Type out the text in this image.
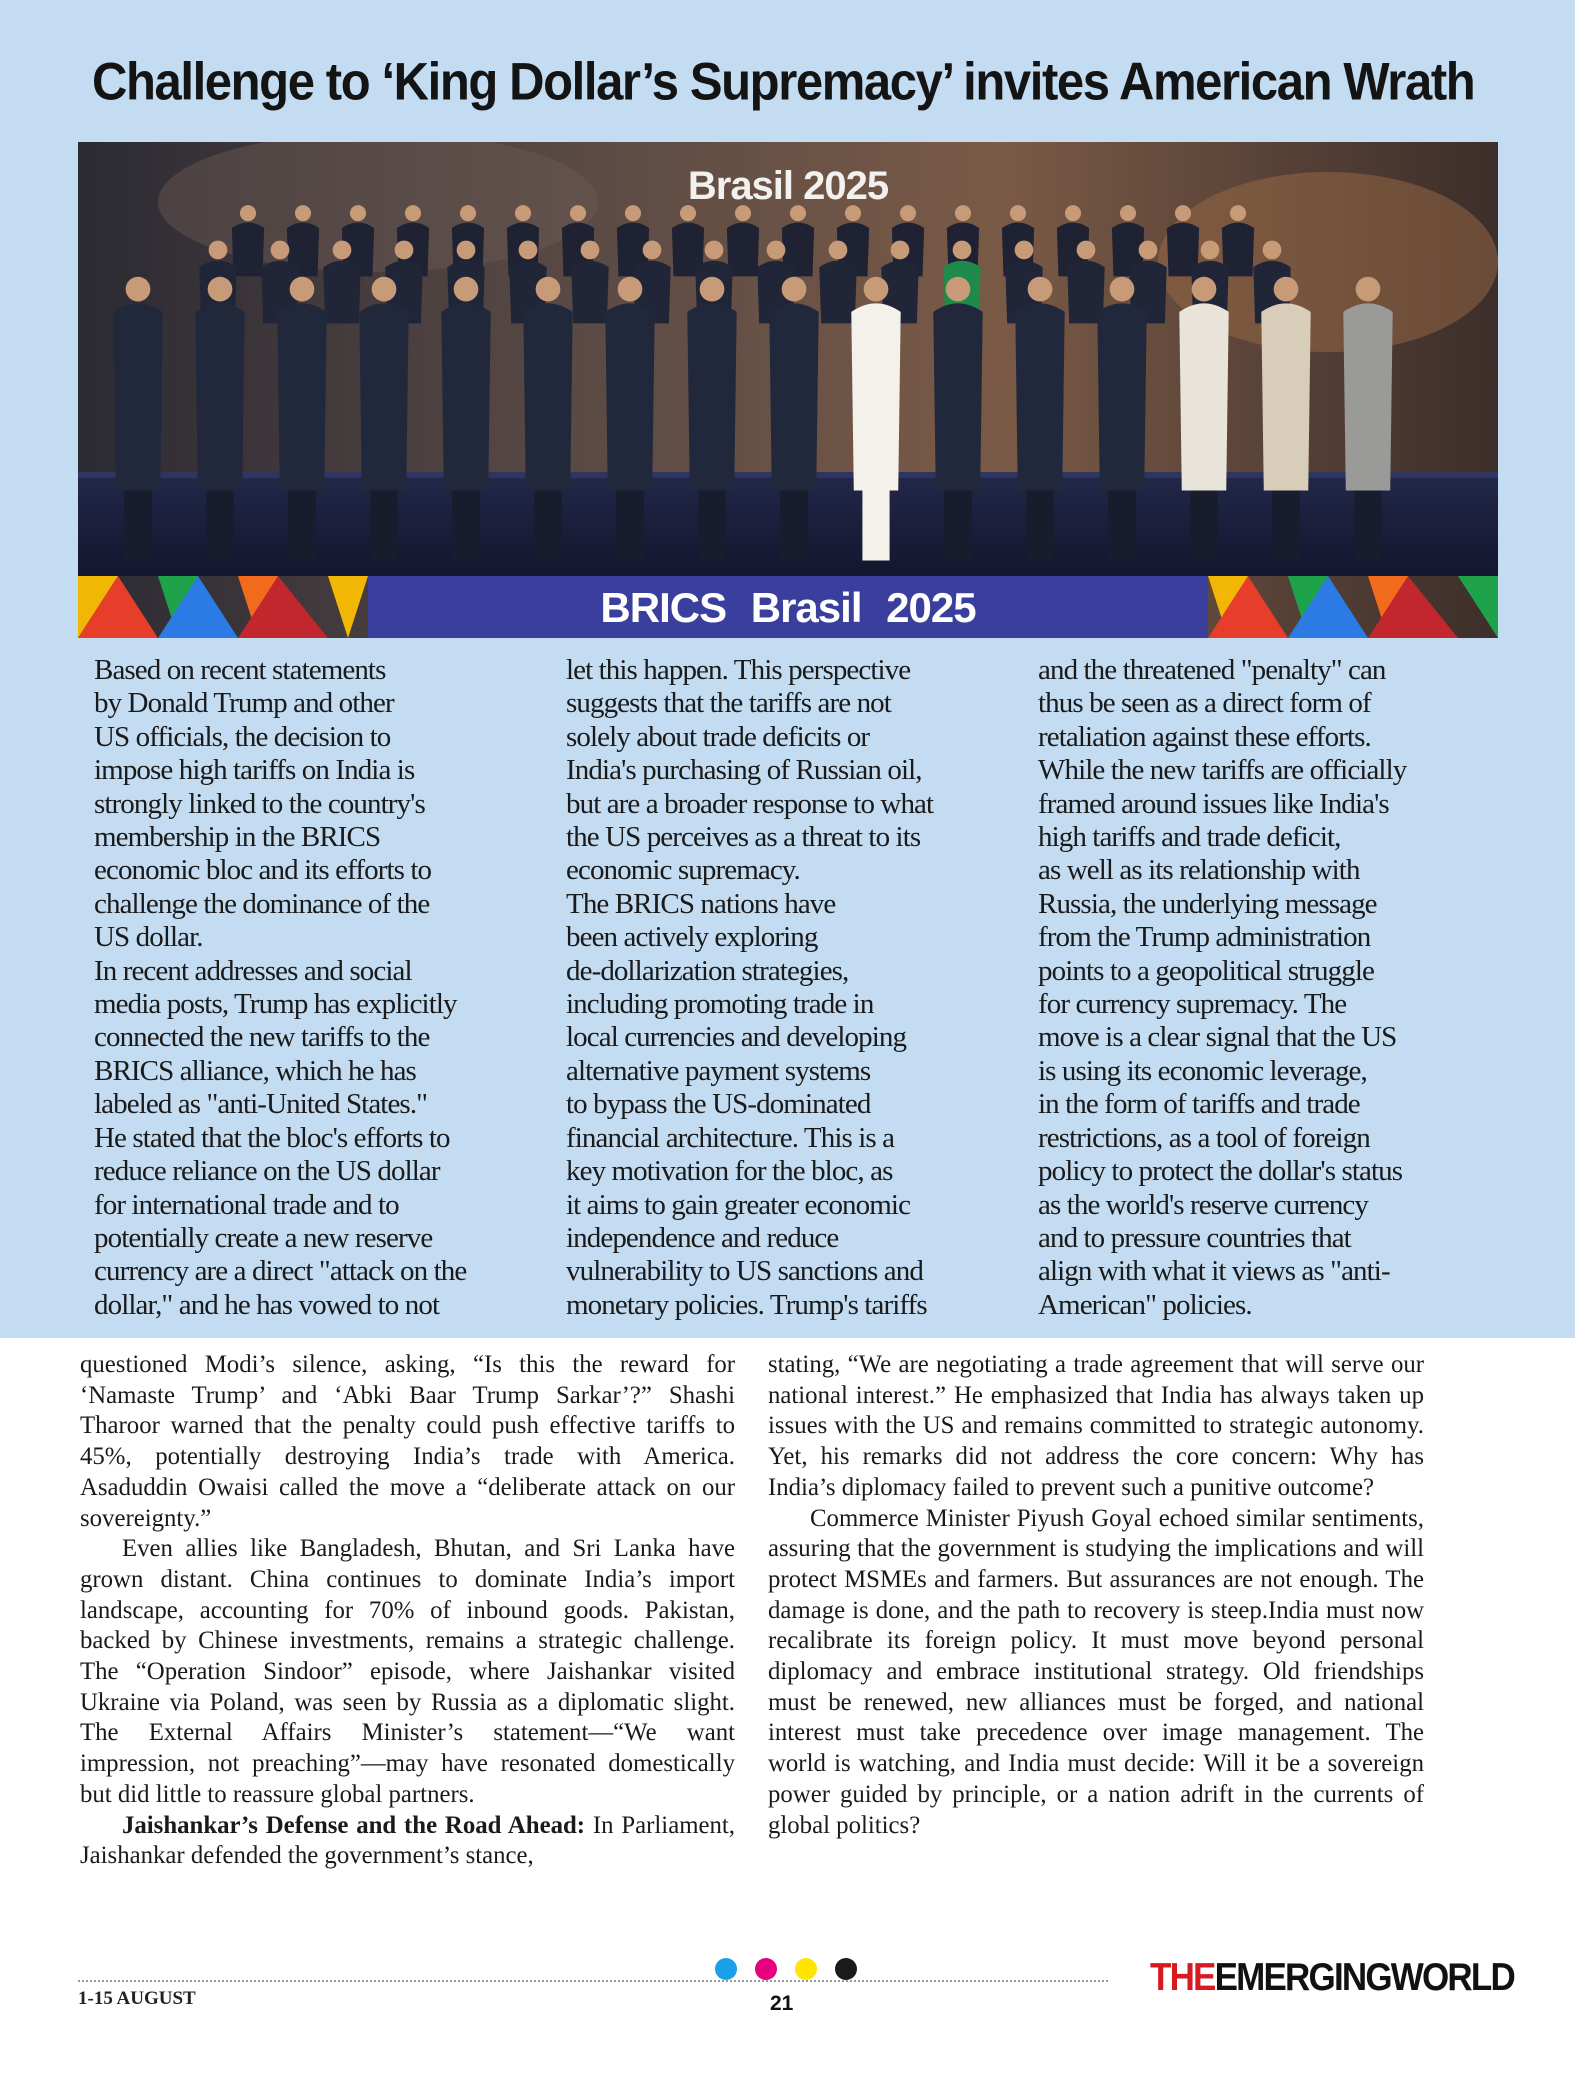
Challenge to ‘King Dollar’s Supremacy’ invites American Wrath
Brasil 2025
BRICS Brasil 2025

Based on recent statements
by Donald Trump and other
US officials, the decision to
impose high tariffs on India is
strongly linked to the country's
membership in the BRICS
economic bloc and its efforts to
challenge the dominance of the
US dollar.

In recent addresses and social
media posts, Trump has explicitly
connected the new tariffs to the
BRICS alliance, which he has
labeled as "anti-United States."
He stated that the bloc's efforts to
reduce reliance on the US dollar
for international trade and to
potentially create a new reserve
currency are a direct "attack on the
dollar," and he has vowed to not

let this happen. This perspective
suggests that the tariffs are not
solely about trade deficits or
India's purchasing of Russian oil,
but are a broader response to what
the US perceives as a threat to its
economic supremacy.

The BRICS nations have
been actively exploring
de-dollarization strategies,
including promoting trade in
local currencies and developing
alternative payment systems
to bypass the US-dominated
financial architecture. This is a
key motivation for the bloc, as
it aims to gain greater economic
independence and reduce
vulnerability to US sanctions and
monetary policies. Trump's tariffs

and the threatened "penalty" can
thus be seen as a direct form of
retaliation against these efforts.
While the new tariffs are officially
framed around issues like India's
high tariffs and trade deficit,
as well as its relationship with
Russia, the underlying message
from the Trump administration
points to a geopolitical struggle
for currency supremacy. The
move is a clear signal that the US
is using its economic leverage,
in the form of tariffs and trade
restrictions, as a tool of foreign
policy to protect the dollar's status
as the world's reserve currency
and to pressure countries that
align with what it views as "anti-
American" policies.

questioned Modi’s silence, asking, “Is this the reward for ‘Namaste Trump’ and ‘Abki Baar Trump Sarkar’?” Shashi Tharoor warned that the penalty could push effective tariffs to 45%, potentially destroying India’s trade with America. Asaduddin Owaisi called the move a “deliberate attack on our sovereignty.”

Even allies like Bangladesh, Bhutan, and Sri Lanka have grown distant. China continues to dominate India’s import landscape, accounting for 70% of inbound goods. Pakistan, backed by Chinese investments, remains a strategic challenge. The “Operation Sindoor” episode, where Jaishankar visited Ukraine via Poland, was seen by Russia as a diplomatic slight. The External Affairs Minister’s statement—“We want impression, not preaching”—may have resonated domestically but did little to reassure global partners.

Jaishankar’s Defense and the Road Ahead: In Parliament, Jaishankar defended the government’s stance,

stating, “We are negotiating a trade agreement that will serve our national interest.” He emphasized that India has always taken up issues with the US and remains committed to strategic autonomy. Yet, his remarks did not address the core concern: Why has India’s diplomacy failed to prevent such a punitive outcome?

Commerce Minister Piyush Goyal echoed similar sentiments, assuring that the government is studying the implications and will protect MSMEs and farmers. But assurances are not enough. The damage is done, and the path to recovery is steep.India must now recalibrate its foreign policy. It must move beyond personal diplomacy and embrace institutional strategy. Old friendships must be renewed, new alliances must be forged, and national interest must take precedence over image management. The world is watching, and India must decide: Will it be a sovereign power guided by principle, or a nation adrift in the currents of global politics?

1-15 AUGUST	21
THEEMERGINGWORLD
